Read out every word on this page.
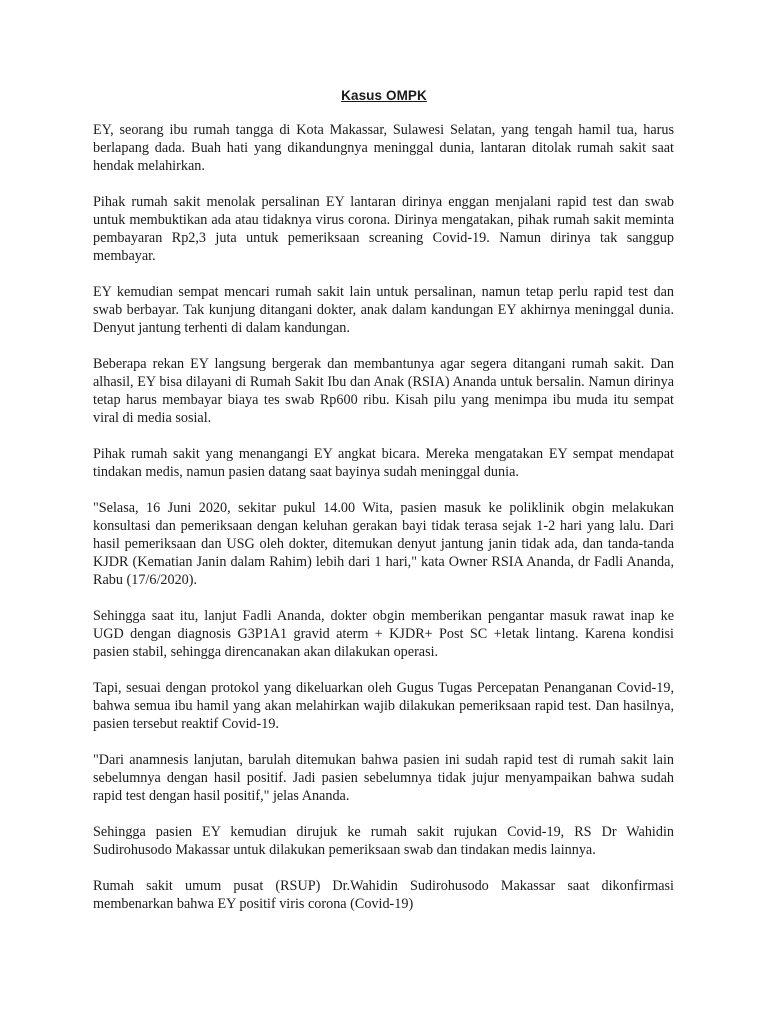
Kasus OMPK

EY, seorang ibu rumah tangga di Kota Makassar, Sulawesi Selatan, yang tengah hamil tua, harus berlapang dada. Buah hati yang dikandungnya meninggal dunia, lantaran ditolak rumah sakit saat hendak melahirkan.

Pihak rumah sakit menolak persalinan EY lantaran dirinya enggan menjalani rapid test dan swab untuk membuktikan ada atau tidaknya virus corona. Dirinya mengatakan, pihak rumah sakit meminta pembayaran Rp2,3 juta untuk pemeriksaan screaning Covid-19. Namun dirinya tak sanggup membayar.

EY kemudian sempat mencari rumah sakit lain untuk persalinan, namun tetap perlu rapid test dan swab berbayar. Tak kunjung ditangani dokter, anak dalam kandungan EY akhirnya meninggal dunia. Denyut jantung terhenti di dalam kandungan.

Beberapa rekan EY langsung bergerak dan membantunya agar segera ditangani rumah sakit. Dan alhasil, EY bisa dilayani di Rumah Sakit Ibu dan Anak (RSIA) Ananda untuk bersalin. Namun dirinya tetap harus membayar biaya tes swab Rp600 ribu. Kisah pilu yang menimpa ibu muda itu sempat viral di media sosial.

Pihak rumah sakit yang menangangi EY angkat bicara. Mereka mengatakan EY sempat mendapat tindakan medis, namun pasien datang saat bayinya sudah meninggal dunia.

"Selasa, 16 Juni 2020, sekitar pukul 14.00 Wita, pasien masuk ke poliklinik obgin melakukan konsultasi dan pemeriksaan dengan keluhan gerakan bayi tidak terasa sejak 1-2 hari yang lalu. Dari hasil pemeriksaan dan USG oleh dokter, ditemukan denyut jantung janin tidak ada, dan tanda-tanda KJDR (Kematian Janin dalam Rahim) lebih dari 1 hari," kata Owner RSIA Ananda, dr Fadli Ananda, Rabu (17/6/2020).

Sehingga saat itu, lanjut Fadli Ananda, dokter obgin memberikan pengantar masuk rawat inap ke UGD dengan diagnosis G3P1A1 gravid aterm + KJDR+ Post SC +letak lintang. Karena kondisi pasien stabil, sehingga direncanakan akan dilakukan operasi.

Tapi, sesuai dengan protokol yang dikeluarkan oleh Gugus Tugas Percepatan Penanganan Covid-19, bahwa semua ibu hamil yang akan melahirkan wajib dilakukan pemeriksaan rapid test. Dan hasilnya, pasien tersebut reaktif Covid-19.

"Dari anamnesis lanjutan, barulah ditemukan bahwa pasien ini sudah rapid test di rumah sakit lain sebelumnya dengan hasil positif. Jadi pasien sebelumnya tidak jujur menyampaikan bahwa sudah rapid test dengan hasil positif," jelas Ananda.

Sehingga pasien EY kemudian dirujuk ke rumah sakit rujukan Covid-19, RS Dr Wahidin Sudirohusodo Makassar untuk dilakukan pemeriksaan swab dan tindakan medis lainnya.

Rumah sakit umum pusat (RSUP) Dr.Wahidin Sudirohusodo Makassar saat dikonfirmasi membenarkan bahwa EY positif viris corona (Covid-19)
